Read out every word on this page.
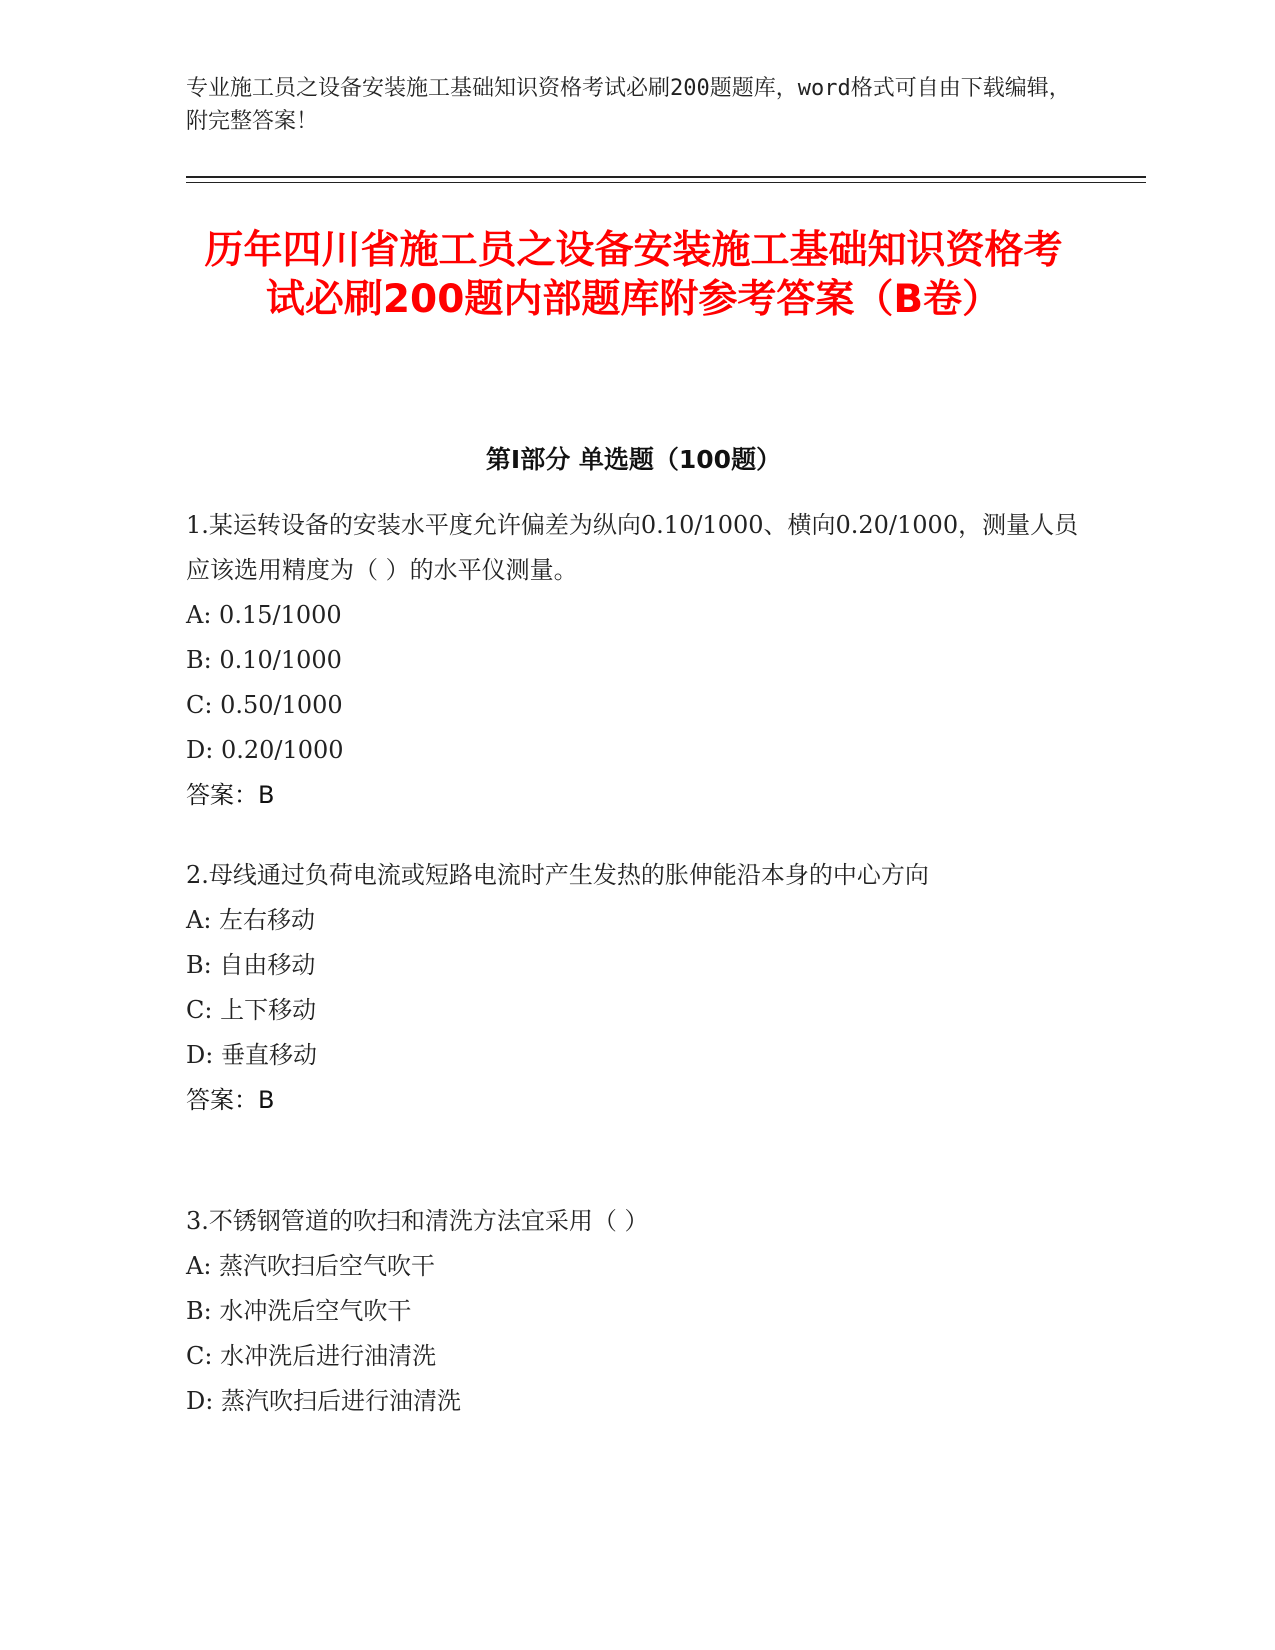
专业施工员之设备安装施工基础知识资格考试必刷200题题库，word格式可自由下载编辑，附完整答案！
历年四川省施工员之设备安装施工基础知识资格考试必刷200题内部题库附参考答案（B卷）
第I部分 单选题（100题）

1.某运转设备的安装水平度允许偏差为纵向0.10/1000、横向0.20/1000，测量人员应该选用精度为（ ）的水平仪测量。

A: 0.15/1000

B: 0.10/1000

C: 0.50/1000

D: 0.20/1000

答案：B

2.母线通过负荷电流或短路电流时产生发热的胀伸能沿本身的中心方向

A: 左右移动

B: 自由移动

C: 上下移动

D: 垂直移动

答案：B

3.不锈钢管道的吹扫和清洗方法宜采用（ ）

A: 蒸汽吹扫后空气吹干

B: 水冲洗后空气吹干

C: 水冲洗后进行油清洗

D: 蒸汽吹扫后进行油清洗
